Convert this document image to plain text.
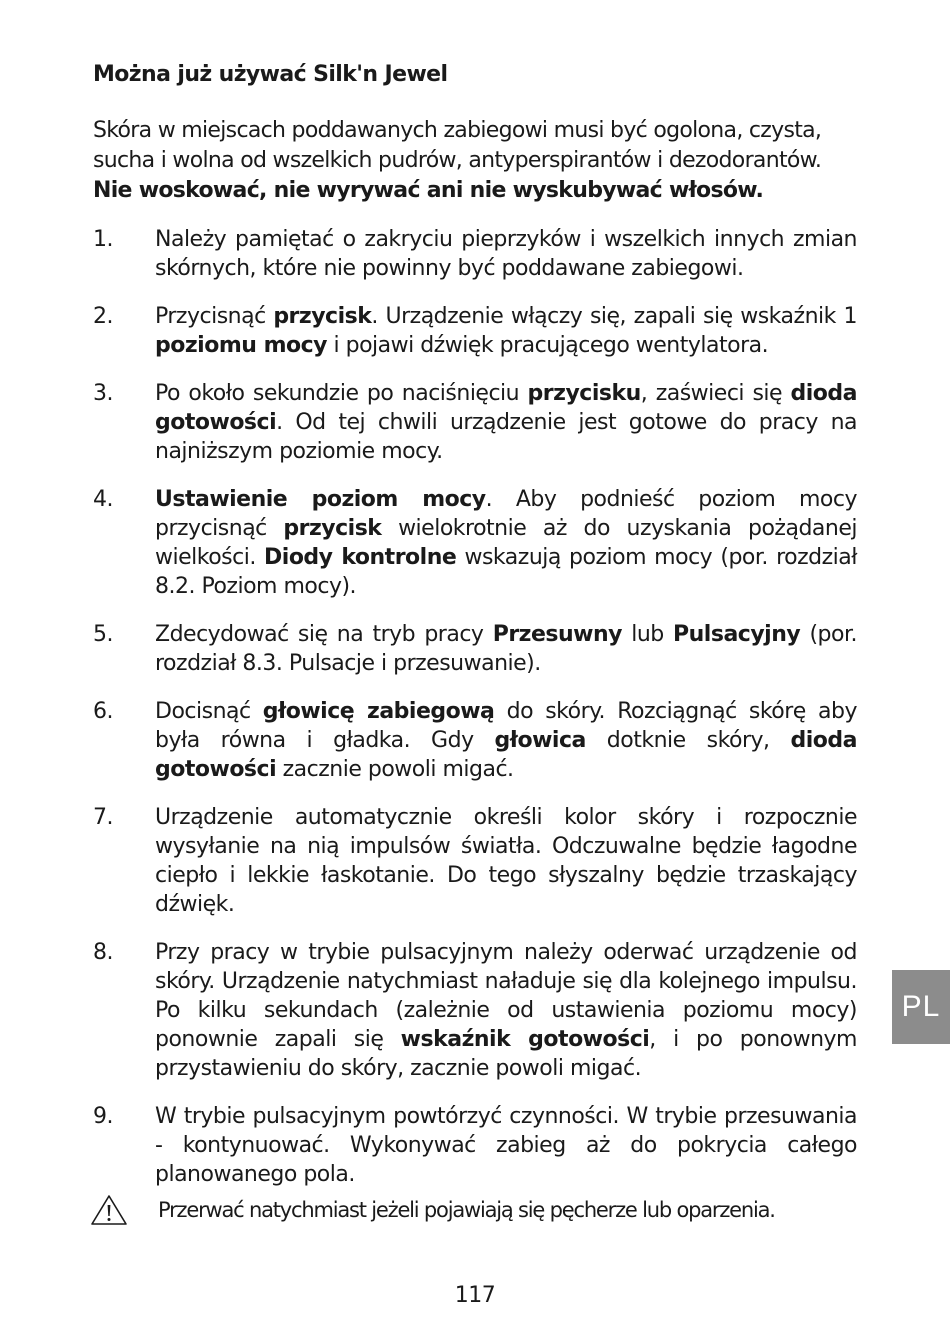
Można już używać Silk'n Jewel

Skóra w miejscach poddawanych zabiegowi musi być ogolona, czysta,

sucha i wolna od wszelkich pudrów, antyperspirantów i dezodorantów.

Nie woskować, nie wyrywać ani nie wyskubywać włosów.

1. Należy pamiętać o zakryciu pieprzyków i wszelkich innych zmian skórnych, które nie powinny być poddawane zabiegowi.
2. Przycisnąć przycisk. Urządzenie włączy się, zapali się wskaźnik 1 poziomu mocy i pojawi dźwięk pracującego wentylatora.
3. Po około sekundzie po naciśnięciu przycisku, zaświeci się dioda gotowości. Od tej chwili urządzenie jest gotowe do pracy na najniższym poziomie mocy.
4. Ustawienie poziom mocy. Aby podnieść poziom mocy przycisnąć przycisk wielokrotnie aż do uzyskania pożądanej wielkości. Diody kontrolne wskazują poziom mocy (por. rozdział 8.2. Poziom mocy).
5. Zdecydować się na tryb pracy Przesuwny lub Pulsacyjny (por. rozdział 8.3. Pulsacje i przesuwanie).
6. Docisnąć głowicę zabiegową do skóry. Rozciągnąć skórę aby była równa i gładka. Gdy głowica dotknie skóry, dioda gotowości zacznie powoli migać.
7. Urządzenie automatycznie określi kolor skóry i rozpocznie wysyłanie na nią impulsów światła. Odczuwalne będzie łagodne ciepło i lekkie łaskotanie. Do tego słyszalny będzie trzaskający dźwięk.
8. Przy pracy w trybie pulsacyjnym należy oderwać urządzenie od skóry. Urządzenie natychmiast naładuje się dla kolejnego impulsu. Po kilku sekundach (zależnie od ustawienia poziomu mocy) ponownie zapali się wskaźnik gotowości, i po ponownym przystawieniu do skóry, zacznie powoli migać.
9. W trybie pulsacyjnym powtórzyć czynności. W trybie przesuwania - kontynuować. Wykonywać zabieg aż do pokrycia całego planowanego pola.
Przerwać natychmiast jeżeli pojawiają się pęcherze lub oparzenia.
117
PL
